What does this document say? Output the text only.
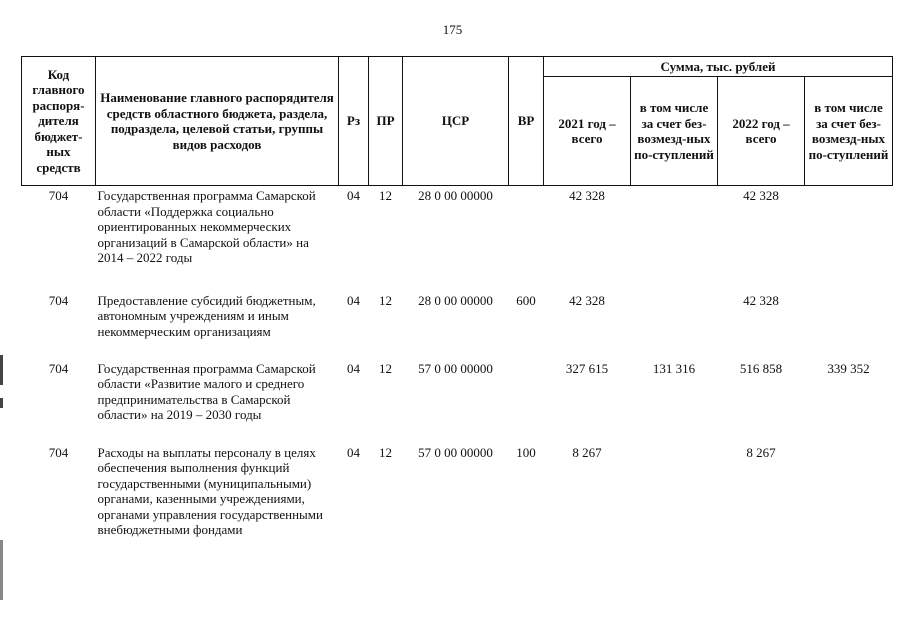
175
Код главного распоря-дителя бюджет-ных средств	Наименование главного распорядителя средств областного бюджета, раздела, подраздела, целевой статьи, группы видов расходов	Рз	ПР	ЦСР	ВР	Сумма, тыс. рублей			
						2021 год – всего	в том числе за счет без-возмезд-ных по-ступлений	2022 год – всего	в том числе за счет без-возмезд-ных по-ступлений
704	Государственная программа Самарской области «Поддержка социально ориентированных некоммерческих организаций в Самарской области» на 2014 – 2022 годы	04	12	28 0 00 00000		42 328		42 328	
704	Предоставление субсидий бюджетным, автономным учреждениям и иным некоммерческим организациям	04	12	28 0 00 00000	600	42 328		42 328	
704	Государственная программа Самарской области «Развитие малого и среднего предпринимательства в Самарской области» на 2019 – 2030 годы	04	12	57 0 00 00000		327 615	131 316	516 858	339 352
704	Расходы на выплаты персоналу в целях обеспечения выполнения функций государственными (муниципальными) органами, казенными учреждениями, органами управления государственными внебюджетными фондами	04	12	57 0 00 00000	100	8 267		8 267	
